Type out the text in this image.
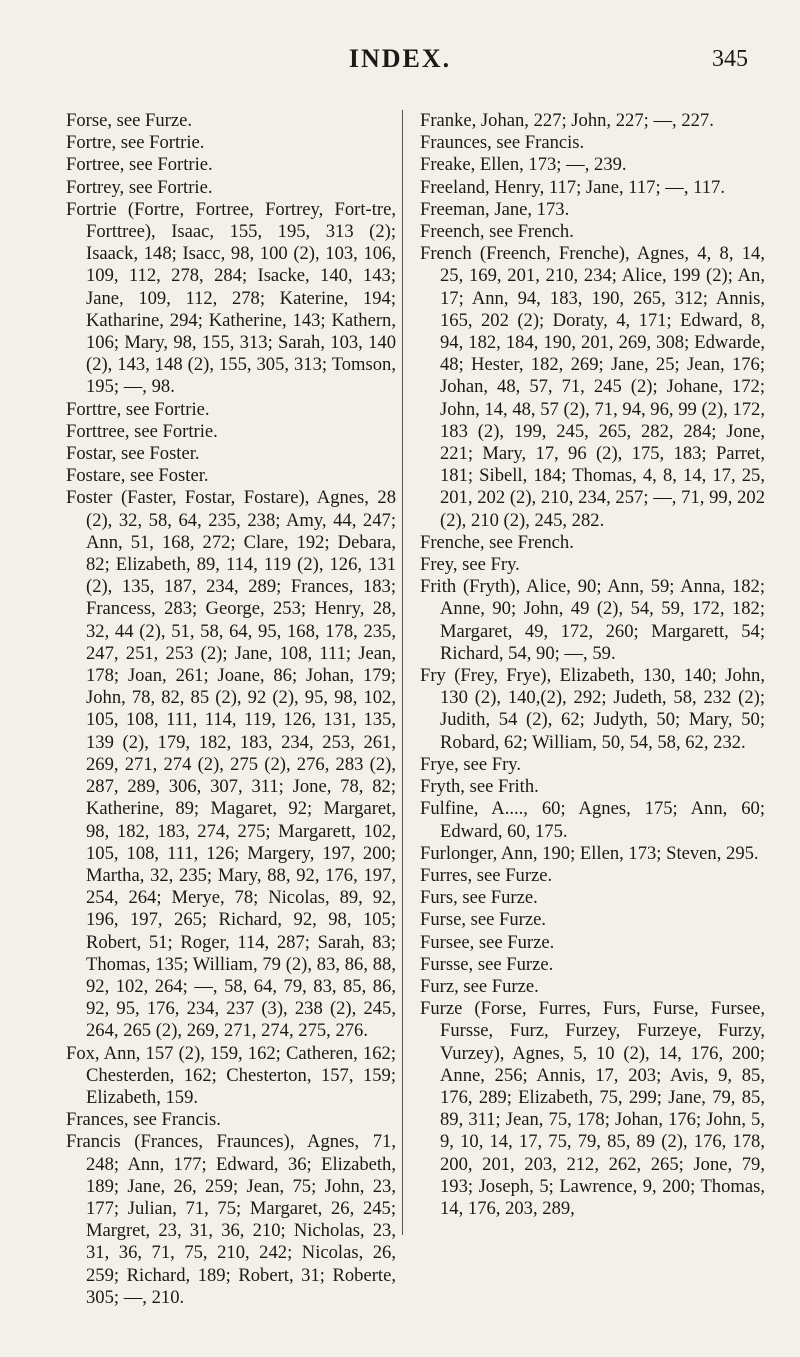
INDEX.	345

Forse, see Furze.

Fortre, see Fortrie.

Fortree, see Fortrie.

Fortrey, see Fortrie.

Fortrie (Fortre, Fortree, Fortrey, Fort-tre, Forttree), Isaac, 155, 195, 313 (2); Isaack, 148; Isacc, 98, 100 (2), 103, 106, 109, 112, 278, 284; Isacke, 140, 143; Jane, 109, 112, 278; Katerine, 194; Katharine, 294; Katherine, 143; Kathern, 106; Mary, 98, 155, 313; Sarah, 103, 140 (2), 143, 148 (2), 155, 305, 313; Tomson, 195; —, 98.

Forttre, see Fortrie.

Forttree, see Fortrie.

Fostar, see Foster.

Fostare, see Foster.

Foster (Faster, Fostar, Fostare), Agnes, 28 (2), 32, 58, 64, 235, 238; Amy, 44, 247; Ann, 51, 168, 272; Clare, 192; Debara, 82; Elizabeth, 89, 114, 119 (2), 126, 131 (2), 135, 187, 234, 289; Frances, 183; Francess, 283; George, 253; Henry, 28, 32, 44 (2), 51, 58, 64, 95, 168, 178, 235, 247, 251, 253 (2); Jane, 108, 111; Jean, 178; Joan, 261; Joane, 86; Johan, 179; John, 78, 82, 85 (2), 92 (2), 95, 98, 102, 105, 108, 111, 114, 119, 126, 131, 135, 139 (2), 179, 182, 183, 234, 253, 261, 269, 271, 274 (2), 275 (2), 276, 283 (2), 287, 289, 306, 307, 311; Jone, 78, 82; Katherine, 89; Magaret, 92; Margaret, 98, 182, 183, 274, 275; Margarett, 102, 105, 108, 111, 126; Margery, 197, 200; Martha, 32, 235; Mary, 88, 92, 176, 197, 254, 264; Merye, 78; Nicolas, 89, 92, 196, 197, 265; Richard, 92, 98, 105; Robert, 51; Roger, 114, 287; Sarah, 83; Thomas, 135; William, 79 (2), 83, 86, 88, 92, 102, 264; —, 58, 64, 79, 83, 85, 86, 92, 95, 176, 234, 237 (3), 238 (2), 245, 264, 265 (2), 269, 271, 274, 275, 276.

Fox, Ann, 157 (2), 159, 162; Catheren, 162; Chesterden, 162; Chesterton, 157, 159; Elizabeth, 159.

Frances, see Francis.

Francis (Frances, Fraunces), Agnes, 71, 248; Ann, 177; Edward, 36; Elizabeth, 189; Jane, 26, 259; Jean, 75; John, 23, 177; Julian, 71, 75; Margaret, 26, 245; Margret, 23, 31, 36, 210; Nicholas, 23, 31, 36, 71, 75, 210, 242; Nicolas, 26, 259; Richard, 189; Robert, 31; Roberte, 305; —, 210.

Franke, Johan, 227; John, 227; —, 227.

Fraunces, see Francis.

Freake, Ellen, 173; —, 239.

Freeland, Henry, 117; Jane, 117; —, 117.

Freeman, Jane, 173.

Freench, see French.

French (Freench, Frenche), Agnes, 4, 8, 14, 25, 169, 201, 210, 234; Alice, 199 (2); An, 17; Ann, 94, 183, 190, 265, 312; Annis, 165, 202 (2); Doraty, 4, 171; Edward, 8, 94, 182, 184, 190, 201, 269, 308; Edwarde, 48; Hester, 182, 269; Jane, 25; Jean, 176; Johan, 48, 57, 71, 245 (2); Johane, 172; John, 14, 48, 57 (2), 71, 94, 96, 99 (2), 172, 183 (2), 199, 245, 265, 282, 284; Jone, 221; Mary, 17, 96 (2), 175, 183; Parret, 181; Sibell, 184; Thomas, 4, 8, 14, 17, 25, 201, 202 (2), 210, 234, 257; —, 71, 99, 202 (2), 210 (2), 245, 282.

Frenche, see French.

Frey, see Fry.

Frith (Fryth), Alice, 90; Ann, 59; Anna, 182; Anne, 90; John, 49 (2), 54, 59, 172, 182; Margaret, 49, 172, 260; Margarett, 54; Richard, 54, 90; —, 59.

Fry (Frey, Frye), Elizabeth, 130, 140; John, 130 (2), 140,(2), 292; Judeth, 58, 232 (2); Judith, 54 (2), 62; Judyth, 50; Mary, 50; Robard, 62; William, 50, 54, 58, 62, 232.

Frye, see Fry.

Fryth, see Frith.

Fulfine, A...., 60; Agnes, 175; Ann, 60; Edward, 60, 175.

Furlonger, Ann, 190; Ellen, 173; Steven, 295.

Furres, see Furze.

Furs, see Furze.

Furse, see Furze.

Fursee, see Furze.

Fursse, see Furze.

Furz, see Furze.

Furze (Forse, Furres, Furs, Furse, Fursee, Fursse, Furz, Furzey, Furzeye, Furzy, Vurzey), Agnes, 5, 10 (2), 14, 176, 200; Anne, 256; Annis, 17, 203; Avis, 9, 85, 176, 289; Elizabeth, 75, 299; Jane, 79, 85, 89, 311; Jean, 75, 178; Johan, 176; John, 5, 9, 10, 14, 17, 75, 79, 85, 89 (2), 176, 178, 200, 201, 203, 212, 262, 265; Jone, 79, 193; Joseph, 5; Lawrence, 9, 200; Thomas, 14, 176, 203, 289,
